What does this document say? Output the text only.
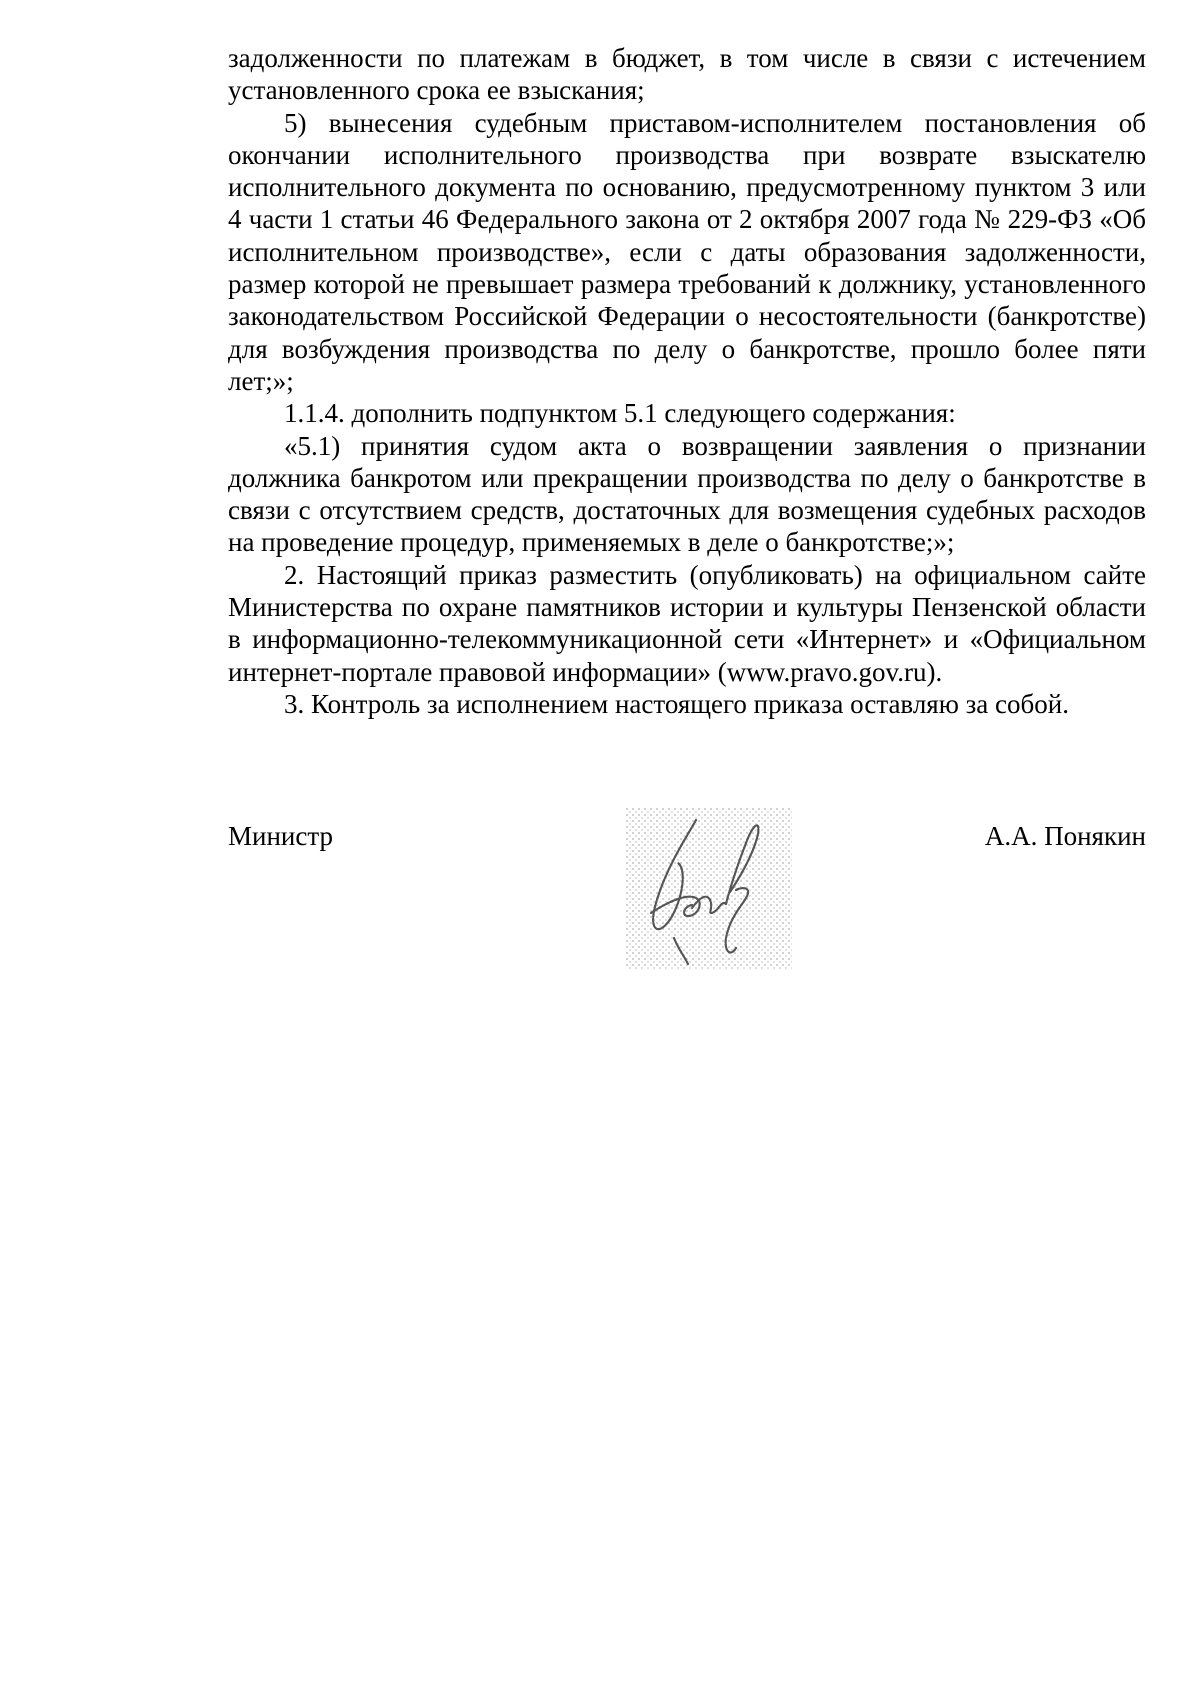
задолженности по платежам в бюджет, в том числе в связи с истечением установленного срока ее взыскания;

5) вынесения судебным приставом-исполнителем постановления об окончании исполнительного производства при возврате взыскателю исполнительного документа по основанию, предусмотренному пунктом 3 или 4 части 1 статьи 46 Федерального закона от 2 октября 2007 года № 229-ФЗ «Об исполнительном производстве», если с даты образования задолженности, размер которой не превышает размера требований к должнику, установленного законодательством Российской Федерации о несостоятельности (банкротстве) для возбуждения производства по делу о банкротстве, прошло более пяти лет;»;

1.1.4. дополнить подпунктом 5.1 следующего содержания:

«5.1) принятия судом акта о возвращении заявления о признании должника банкротом или прекращении производства по делу о банкротстве в связи с отсутствием средств, достаточных для возмещения судебных расходов на проведение процедур, применяемых в деле о банкротстве;»;

2. Настоящий приказ разместить (опубликовать) на официальном сайте Министерства по охране памятников истории и культуры Пензенской области в информационно-телекоммуникационной сети «Интернет» и «Официальном интернет-портале правовой информации» (www.pravo.gov.ru).

3. Контроль за исполнением настоящего приказа оставляю за собой.

Министр	А.А. Понякин
